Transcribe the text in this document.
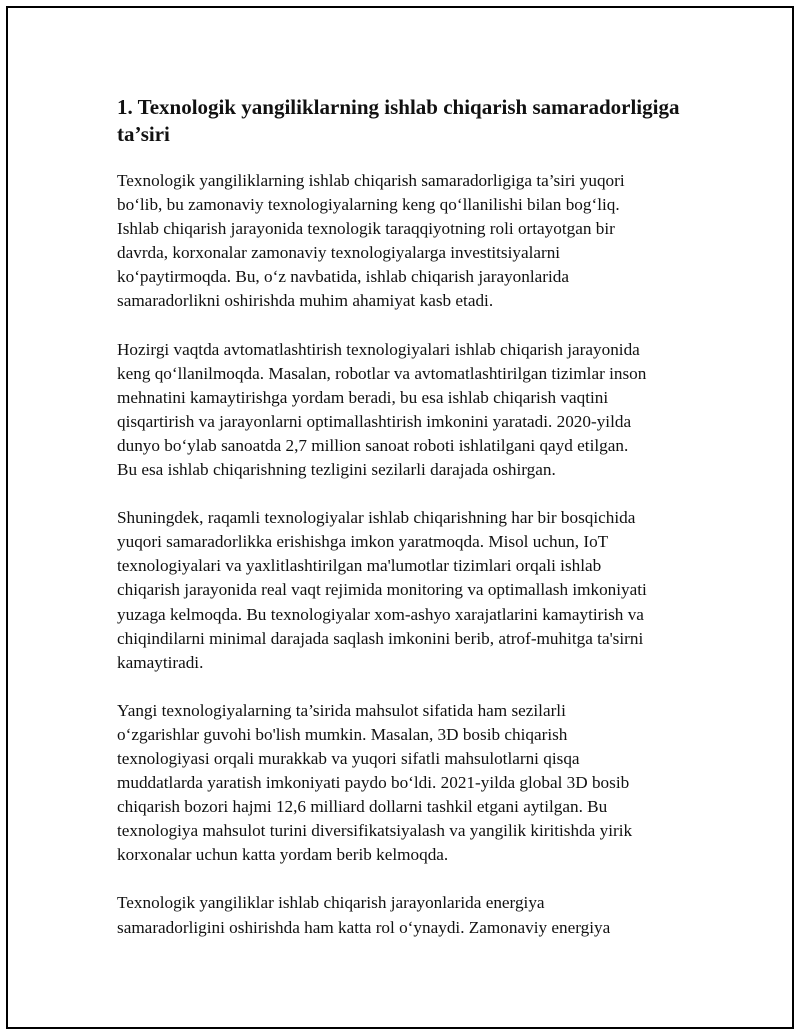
1. Texnologik yangiliklarning ishlab chiqarish samaradorligiga
ta’siri
Texnologik yangiliklarning ishlab chiqarish samaradorligiga ta’siri yuqori
bo‘lib, bu zamonaviy texnologiyalarning keng qo‘llanilishi bilan bog‘liq.
Ishlab chiqarish jarayonida texnologik taraqqiyotning roli ortayotgan bir
davrda, korxonalar zamonaviy texnologiyalarga investitsiyalarni
ko‘paytirmoqda. Bu, o‘z navbatida, ishlab chiqarish jarayonlarida
samaradorlikni oshirishda muhim ahamiyat kasb etadi.
Hozirgi vaqtda avtomatlashtirish texnologiyalari ishlab chiqarish jarayonida
keng qo‘llanilmoqda. Masalan, robotlar va avtomatlashtirilgan tizimlar inson
mehnatini kamaytirishga yordam beradi, bu esa ishlab chiqarish vaqtini
qisqartirish va jarayonlarni optimallashtirish imkonini yaratadi. 2020-yilda
dunyo bo‘ylab sanoatda 2,7 million sanoat roboti ishlatilgani qayd etilgan.
Bu esa ishlab chiqarishning tezligini sezilarli darajada oshirgan.
Shuningdek, raqamli texnologiyalar ishlab chiqarishning har bir bosqichida
yuqori samaradorlikka erishishga imkon yaratmoqda. Misol uchun, IoT
texnologiyalari va yaxlitlashtirilgan ma'lumotlar tizimlari orqali ishlab
chiqarish jarayonida real vaqt rejimida monitoring va optimallash imkoniyati
yuzaga kelmoqda. Bu texnologiyalar xom-ashyo xarajatlarini kamaytirish va
chiqindilarni minimal darajada saqlash imkonini berib, atrof-muhitga ta'sirni
kamaytiradi.
Yangi texnologiyalarning ta’sirida mahsulot sifatida ham sezilarli
o‘zgarishlar guvohi bo'lish mumkin. Masalan, 3D bosib chiqarish
texnologiyasi orqali murakkab va yuqori sifatli mahsulotlarni qisqa
muddatlarda yaratish imkoniyati paydo bo‘ldi. 2021-yilda global 3D bosib
chiqarish bozori hajmi 12,6 milliard dollarni tashkil etgani aytilgan. Bu
texnologiya mahsulot turini diversifikatsiyalash va yangilik kiritishda yirik
korxonalar uchun katta yordam berib kelmoqda.
Texnologik yangiliklar ishlab chiqarish jarayonlarida energiya
samaradorligini oshirishda ham katta rol o‘ynaydi. Zamonaviy energiya
